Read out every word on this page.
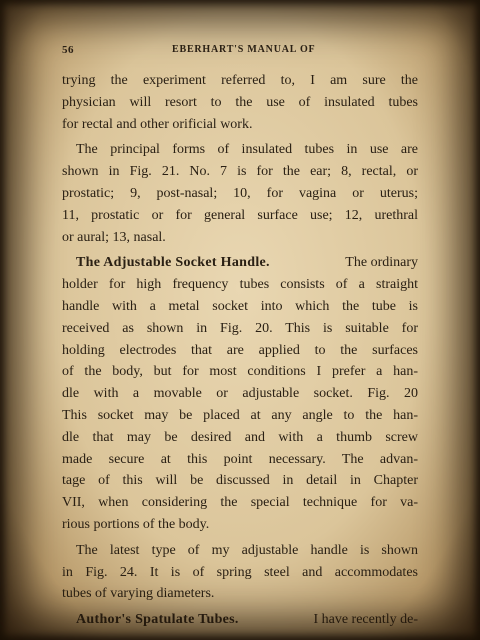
56	EBERHART'S MANUAL OF
trying the experiment referred to, I am sure the
physician will resort to the use of insulated tubes
for rectal and other orificial work.
The principal forms of insulated tubes in use are
shown in Fig. 21. No. 7 is for the ear; 8, rectal, or
prostatic; 9, post-nasal; 10, for vagina or uterus;
11, prostatic or for general surface use; 12, urethral
or aural; 13, nasal.
The Adjustable Socket Handle.	The ordinary
holder for high frequency tubes consists of a straight
handle with a metal socket into which the tube is
received as shown in Fig. 20. This is suitable for
holding electrodes that are applied to the surfaces
of the body, but for most conditions I prefer a han-
dle with a movable or adjustable socket. Fig. 20
This socket may be placed at any angle to the han-
dle that may be desired and with a thumb screw
made secure at this point necessary. The advan-
tage of this will be discussed in detail in Chapter
VII, when considering the special technique for va-
rious portions of the body.
The latest type of my adjustable handle is shown
in Fig. 24. It is of spring steel and accommodates
tubes of varying diameters.
Author's Spatulate Tubes.	I have recently de-
